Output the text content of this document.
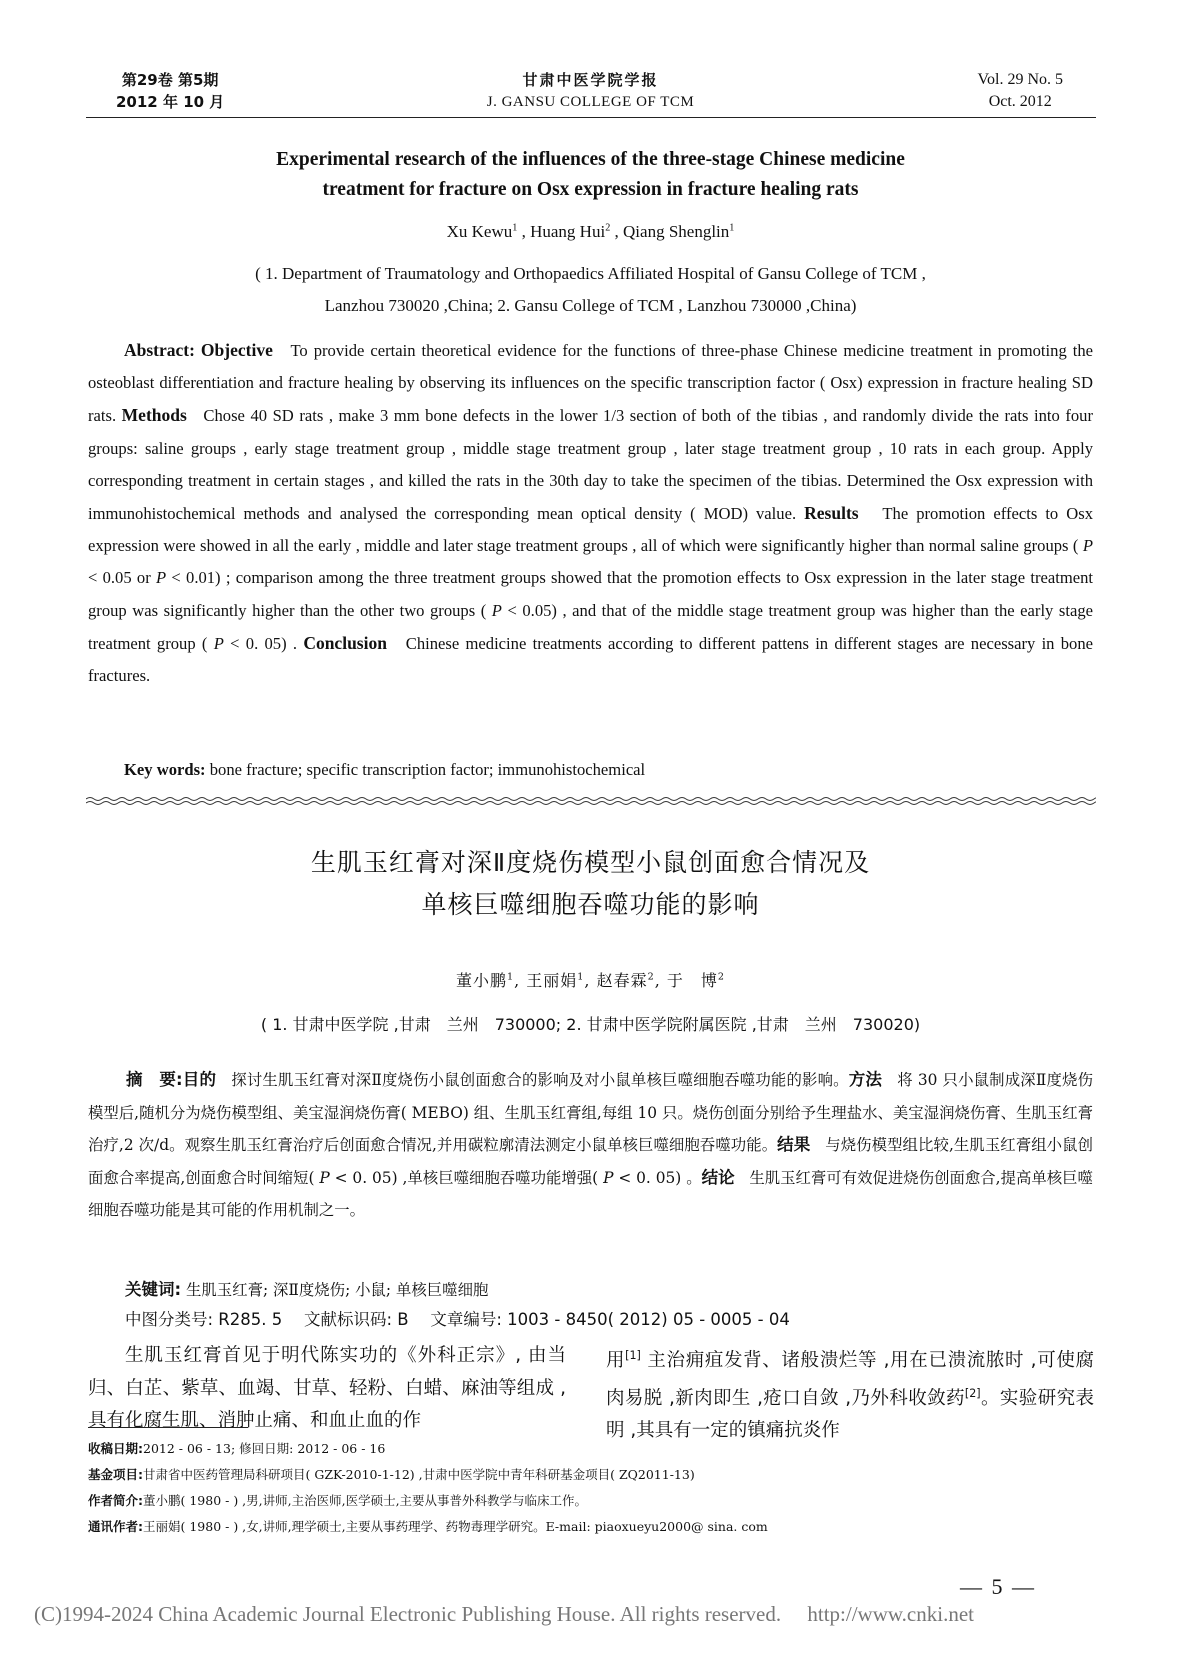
第29卷 第5期
2012 年 10 月
甘肃中医学院学报
J. GANSU COLLEGE OF TCM
Vol. 29 No. 5
Oct. 2012
Experimental research of the influences of the three-stage Chinese medicine
treatment for fracture on Osx expression in fracture healing rats
Xu Kewu$^1$ , Huang Hui$^2$ , Qiang Shenglin$^1$
( 1. Department of Traumatology and Orthopaedics Affiliated Hospital of Gansu College of TCM ,
Lanzhou 730020 ,China; 2. Gansu College of TCM , Lanzhou 730000 ,China)

Abstract: Objective To provide certain theoretical evidence for the functions of three-phase Chinese medicine treatment in promoting the osteoblast differentiation and fracture healing by observing its influences on the specific transcription factor ( Osx) expression in fracture healing SD rats. Methods Chose 40 SD rats , make 3 mm bone defects in the lower 1/3 section of both of the tibias , and randomly divide the rats into four groups: saline groups , early stage treatment group , middle stage treatment group , later stage treatment group , 10 rats in each group. Apply corresponding treatment in certain stages , and killed the rats in the 30th day to take the specimen of the tibias. Determined the Osx expression with immunohistochemical methods and analysed the corresponding mean optical density ( MOD) value. Results The promotion effects to Osx expression were showed in all the early , middle and later stage treatment groups , all of which were significantly higher than normal saline groups ( P < 0.05 or P < 0.01) ; comparison among the three treatment groups showed that the promotion effects to Osx expression in the later stage treatment group was significantly higher than the other two groups ( P < 0.05) , and that of the middle stage treatment group was higher than the early stage treatment group ( P < 0. 05) . Conclusion Chinese medicine treatments according to different pattens in different stages are necessary in bone fractures.

Key words: bone fracture; specific transcription factor; immunohistochemical
生肌玉红膏对深Ⅱ度烧伤模型小鼠创面愈合情况及
单核巨噬细胞吞噬功能的影响
董小鹏$^1$, 王丽娟$^1$, 赵春霖$^2$, 于　博$^2$
( 1. 甘肃中医学院 ,甘肃　兰州　730000; 2. 甘肃中医学院附属医院 ,甘肃　兰州　730020)

摘　要:目的 探讨生肌玉红膏对深Ⅱ度烧伤小鼠创面愈合的影响及对小鼠单核巨噬细胞吞噬功能的影响。方法 将 30 只小鼠制成深Ⅱ度烧伤模型后,随机分为烧伤模型组、美宝湿润烧伤膏( MEBO) 组、生肌玉红膏组,每组 10 只。烧伤创面分别给予生理盐水、美宝湿润烧伤膏、生肌玉红膏治疗,2 次/d。观察生肌玉红膏治疗后创面愈合情况,并用碳粒廓清法测定小鼠单核巨噬细胞吞噬功能。结果 与烧伤模型组比较,生肌玉红膏组小鼠创面愈合率提高,创面愈合时间缩短( P < 0. 05) ,单核巨噬细胞吞噬功能增强( P < 0. 05) 。结论 生肌玉红膏可有效促进烧伤创面愈合,提高单核巨噬细胞吞噬功能是其可能的作用机制之一。

关键词: 生肌玉红膏; 深Ⅱ度烧伤; 小鼠; 单核巨噬细胞
中图分类号: R285. 5　 文献标识码: B　 文章编号: 1003 - 8450( 2012) 05 - 0005 - 04

生肌玉红膏首见于明代陈实功的《外科正宗》, 由当归、白芷、紫草、血竭、甘草、轻粉、白蜡、麻油等组成 ,具有化腐生肌、消肿止痛、和血止血的作

用[1] 主治痈疽发背、诸般溃烂等 ,用在已溃流脓时 ,可使腐肉易脱 ,新肉即生 ,疮口自敛 ,乃外科收敛药[2]。实验研究表明 ,其具有一定的镇痛抗炎作

收稿日期:2012 - 06 - 13; 修回日期: 2012 - 06 - 16
基金项目:甘肃省中医药管理局科研项目( GZK-2010-1-12) ,甘肃中医学院中青年科研基金项目( ZQ2011-13)
作者简介:董小鹏( 1980 - ) ,男,讲师,主治医师,医学硕士,主要从事普外科教学与临床工作。
通讯作者:王丽娟( 1980 - ) ,女,讲师,理学硕士,主要从事药理学、药物毒理学研究。E-mail: piaoxueyu2000@ sina. com
— 5 —
(C)1994-2024 China Academic Journal Electronic Publishing House. All rights reserved. http://www.cnki.net
